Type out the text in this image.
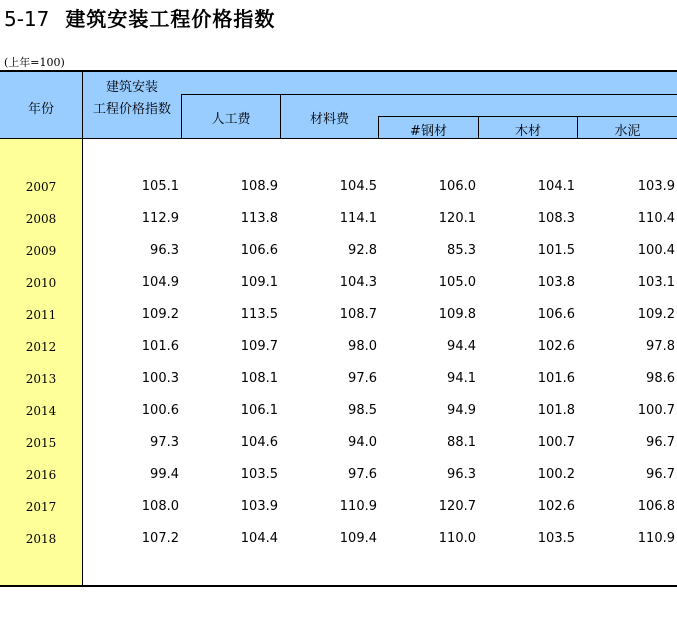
5-17 建筑安装工程价格指数
(上年=100)
年份
建筑安装
工程价格指数
人工费	材料费
#钢材	木材	水泥
2007	105.1	108.9	104.5	106.0	104.1	103.9
2008	112.9	113.8	114.1	120.1	108.3	110.4
2009	96.3	106.6	92.8	85.3	101.5	100.4
2010	104.9	109.1	104.3	105.0	103.8	103.1
2011	109.2	113.5	108.7	109.8	106.6	109.2
2012	101.6	109.7	98.0	94.4	102.6	97.8
2013	100.3	108.1	97.6	94.1	101.6	98.6
2014	100.6	106.1	98.5	94.9	101.8	100.7
2015	97.3	104.6	94.0	88.1	100.7	96.7
2016	99.4	103.5	97.6	96.3	100.2	96.7
2017	108.0	103.9	110.9	120.7	102.6	106.8
2018	107.2	104.4	109.4	110.0	103.5	110.9
